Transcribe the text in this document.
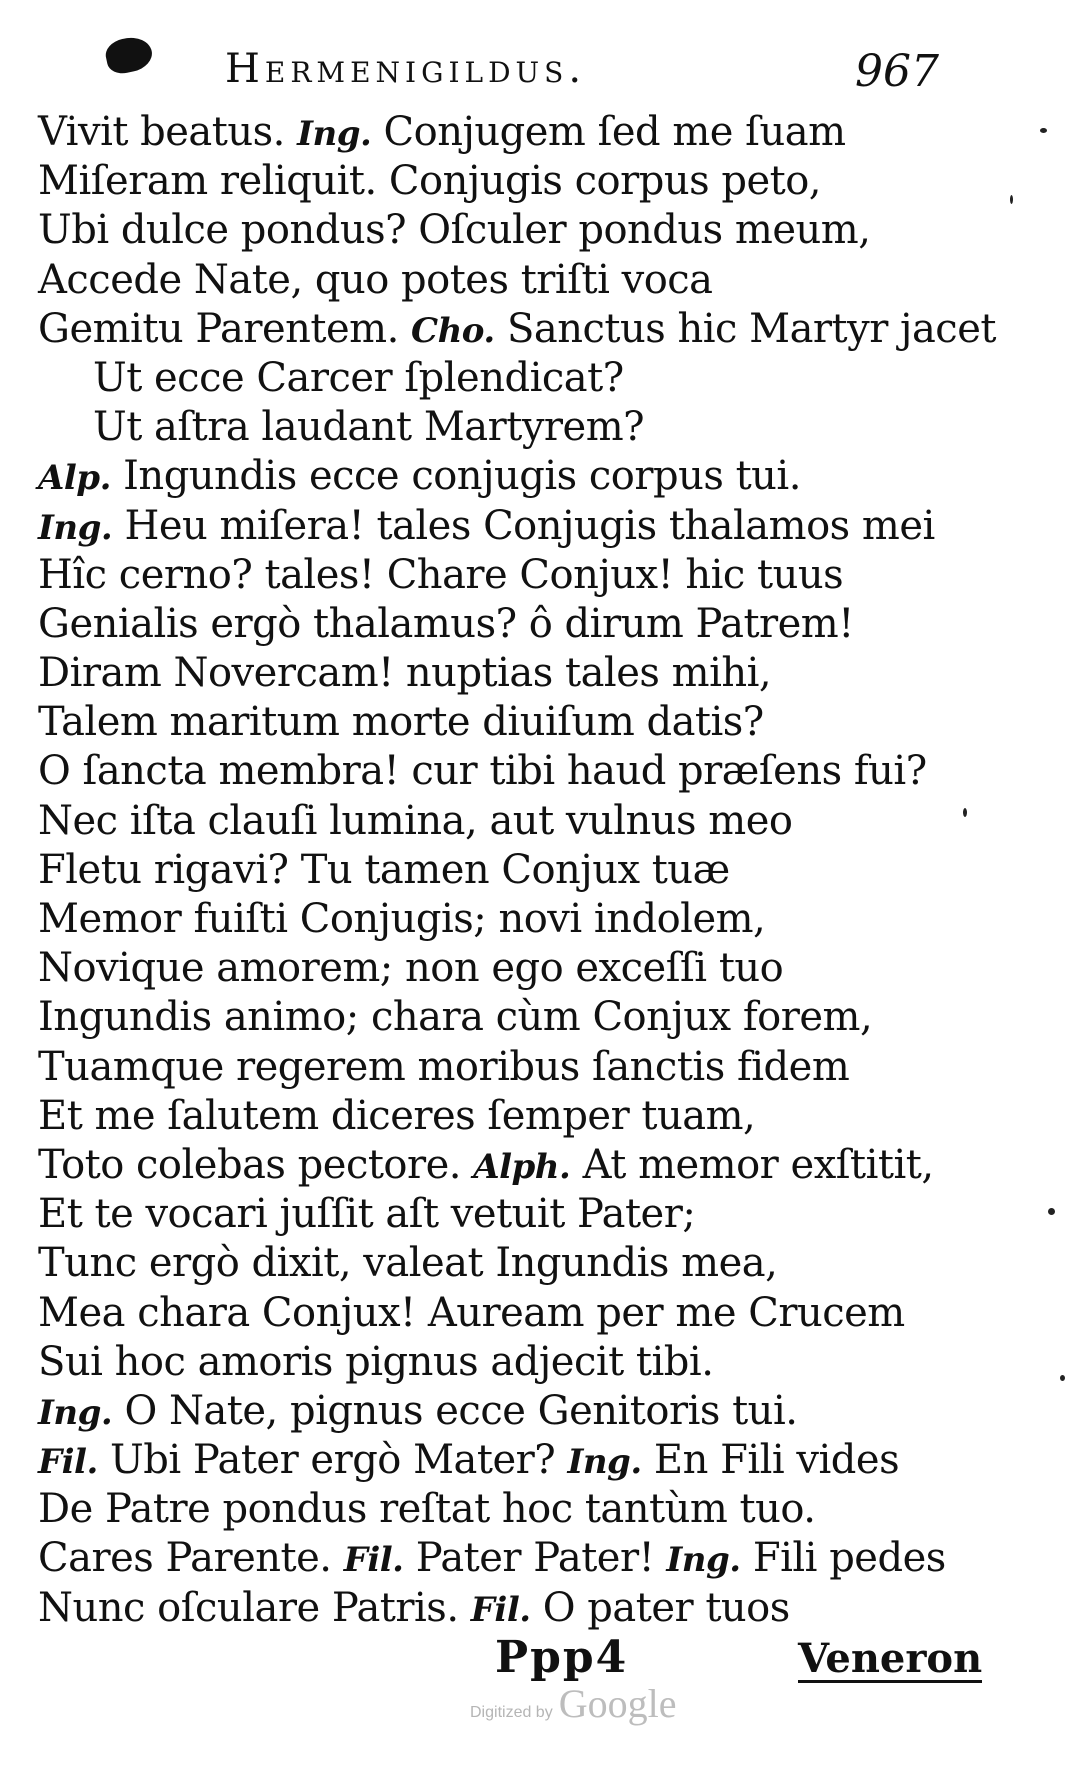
Hermenigildus.	967
Vivit beatus. Ing. Conjugem ſed me ſuam
Miſeram reliquit. Conjugis corpus peto,
Ubi dulce pondus? Oſculer pondus meum,
Accede Nate, quo potes triſti voca
Gemitu Parentem. Cho. Sanctus hic Martyr jacet
Ut ecce Carcer ſplendicat?
Ut aſtra laudant Martyrem?
Alp. Ingundis ecce conjugis corpus tui.
Ing. Heu miſera! tales Conjugis thalamos mei
Hîc cerno? tales! Chare Conjux! hic tuus
Genialis ergò thalamus? ô dirum Patrem!
Diram Novercam! nuptias tales mihi,
Talem maritum morte diuiſum datis?
O ſancta membra! cur tibi haud præſens fui?
Nec iſta clauſi lumina, aut vulnus meo
Fletu rigavi? Tu tamen Conjux tuæ
Memor fuiſti Conjugis; novi indolem,
Novique amorem; non ego exceſſi tuo
Ingundis animo; chara cùm Conjux forem,
Tuamque regerem moribus ſanctis fidem
Et me ſalutem diceres ſemper tuam,
Toto colebas pectore. Alph. At memor exſtitit,
Et te vocari juſſit aſt vetuit Pater;
Tunc ergò dixit, valeat Ingundis mea,
Mea chara Conjux! Auream per me Crucem
Sui hoc amoris pignus adjecit tibi.
Ing. O Nate, pignus ecce Genitoris tui.
Fil. Ubi Pater ergò Mater? Ing. En Fili vides
De Patre pondus reſtat hoc tantùm tuo.
Cares Parente. Fil. Pater Pater! Ing. Fili pedes
Nunc oſculare Patris. Fil. O pater tuos
Ppp4	Veneron
Digitized by Google
